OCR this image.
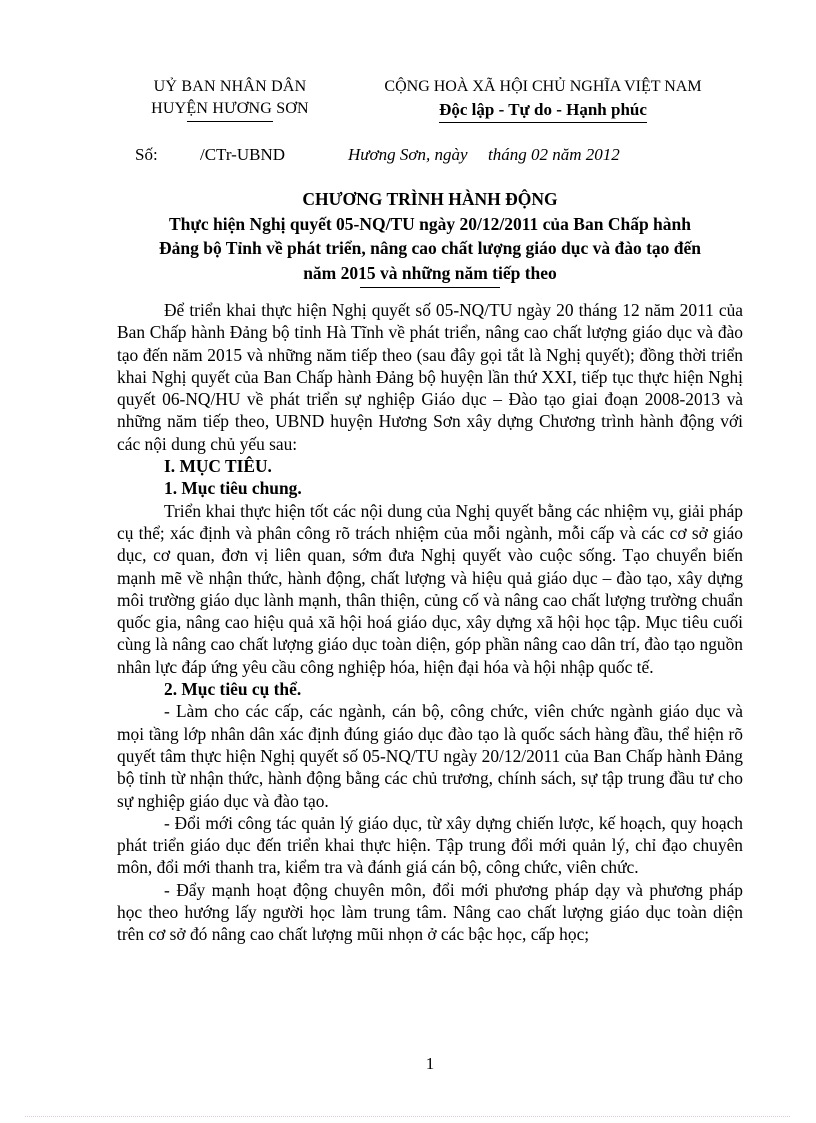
UỶ BAN NHÂN DÂN
HUYỆN HƯƠNG SƠN
CỘNG HOÀ XÃ HỘI CHỦ NGHĨA VIỆT NAM
Độc lập - Tự do - Hạnh phúc
Số: /CTr-UBND	Hương Sơn, ngày tháng 02 năm 2012
CHƯƠNG TRÌNH HÀNH ĐỘNG
Thực hiện Nghị quyết 05-NQ/TU ngày 20/12/2011 của Ban Chấp hành
Đảng bộ Tỉnh về phát triển, nâng cao chất lượng giáo dục và đào tạo đến
năm 2015 và những năm tiếp theo

Để triển khai thực hiện Nghị quyết số 05-NQ/TU ngày 20 tháng 12 năm 2011 của Ban Chấp hành Đảng bộ tỉnh Hà Tĩnh về phát triển, nâng cao chất lượng giáo dục và đào tạo đến năm 2015 và những năm tiếp theo (sau đây gọi tắt là Nghị quyết); đồng thời triển khai Nghị quyết của Ban Chấp hành Đảng bộ huyện lần thứ XXI, tiếp tục thực hiện Nghị quyết 06-NQ/HU về phát triển sự nghiệp Giáo dục – Đào tạo giai đoạn 2008-2013 và những năm tiếp theo, UBND huyện Hương Sơn xây dựng Chương trình hành động với các nội dung chủ yếu sau:

I. MỤC TIÊU.

1. Mục tiêu chung.

Triển khai thực hiện tốt các nội dung của Nghị quyết bằng các nhiệm vụ, giải pháp cụ thể; xác định và phân công rõ trách nhiệm của mỗi ngành, mỗi cấp và các cơ sở giáo dục, cơ quan, đơn vị liên quan, sớm đưa Nghị quyết vào cuộc sống. Tạo chuyển biến mạnh mẽ về nhận thức, hành động, chất lượng và hiệu quả giáo dục – đào tạo, xây dựng môi trường giáo dục lành mạnh, thân thiện, củng cố và nâng cao chất lượng trường chuẩn quốc gia, nâng cao hiệu quả xã hội hoá giáo dục, xây dựng xã hội học tập. Mục tiêu cuối cùng là nâng cao chất lượng giáo dục toàn diện, góp phần nâng cao dân trí, đào tạo nguồn nhân lực đáp ứng yêu cầu công nghiệp hóa, hiện đại hóa và hội nhập quốc tế.

2. Mục tiêu cụ thể.

- Làm cho các cấp, các ngành, cán bộ, công chức, viên chức ngành giáo dục và mọi tầng lớp nhân dân xác định đúng giáo dục đào tạo là quốc sách hàng đầu, thể hiện rõ quyết tâm thực hiện Nghị quyết số 05-NQ/TU ngày 20/12/2011 của Ban Chấp hành Đảng bộ tỉnh từ nhận thức, hành động bằng các chủ trương, chính sách, sự tập trung đầu tư cho sự nghiệp giáo dục và đào tạo.

- Đổi mới công tác quản lý giáo dục, từ xây dựng chiến lược, kế hoạch, quy hoạch phát triển giáo dục đến triển khai thực hiện. Tập trung đổi mới quản lý, chỉ đạo chuyên môn, đổi mới thanh tra, kiểm tra và đánh giá cán bộ, công chức, viên chức.

- Đẩy mạnh hoạt động chuyên môn, đổi mới phương pháp dạy và phương pháp học theo hướng lấy người học làm trung tâm. Nâng cao chất lượng giáo dục toàn diện trên cơ sở đó nâng cao chất lượng mũi nhọn ở các bậc học, cấp học;

1
